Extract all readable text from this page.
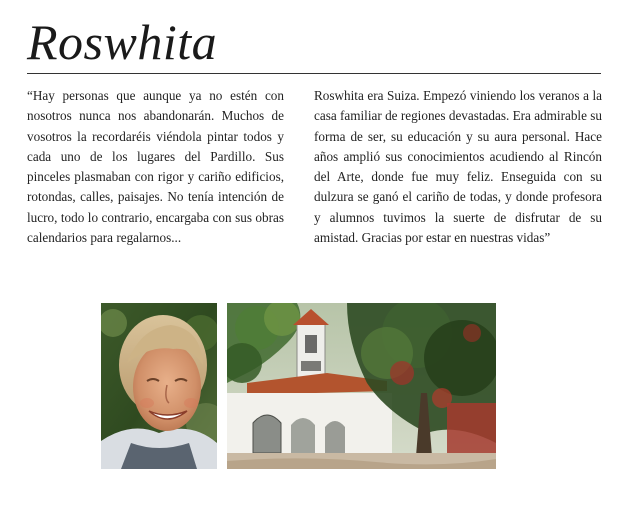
Roswhita

“Hay personas que aunque ya no estén con nosotros nunca nos abandonarán. Muchos de vosotros la recordaréis viéndola pintar todos y cada uno de los lugares del Pardillo. Sus pinceles plasmaban con rigor y cariño edificios, rotondas, calles, paisajes. No tenía intención de lucro, todo lo contrario, encargaba con sus obras calendarios para regalarnos...

Roswhita era Suiza. Empezó viniendo los veranos a la casa familiar de regiones devastadas. Era admirable su forma de ser, su educación y su aura personal. Hace años amplió sus conocimientos acudiendo al Rincón del Arte, donde fue muy feliz. Enseguida con su dulzura se ganó el cariño de todas, y donde profesora y alumnos tuvimos la suerte de disfrutar de su amistad. Gracias por estar en nuestras vidas”
